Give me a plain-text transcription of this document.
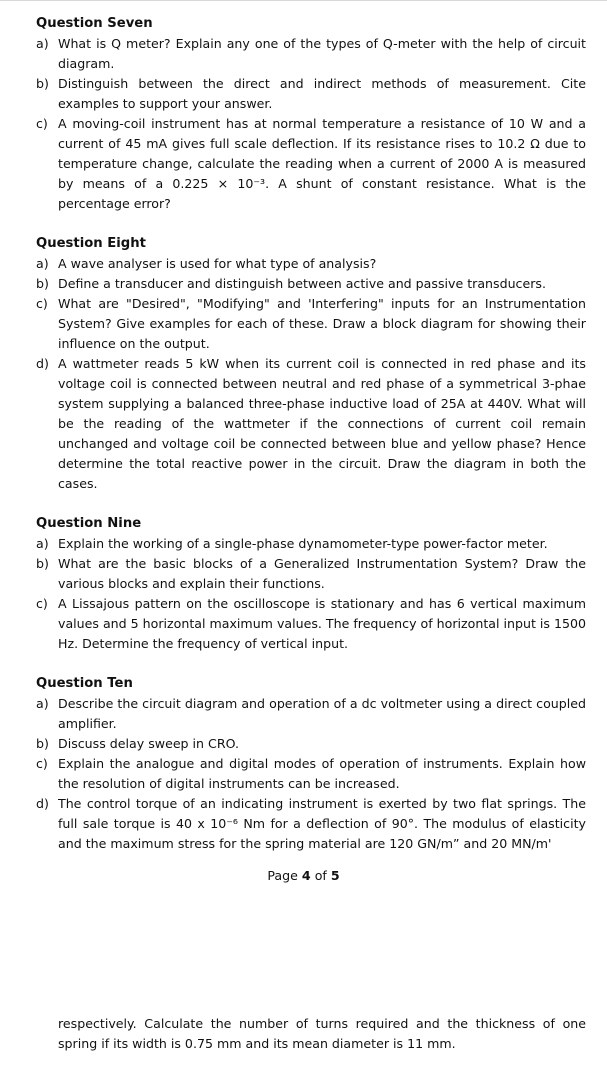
Question Seven
a) What is Q meter? Explain any one of the types of Q-meter with the help of circuit diagram.
b) Distinguish between the direct and indirect methods of measurement. Cite examples to support your answer.
c) A moving-coil instrument has at normal temperature a resistance of 10 W and a current of 45 mA gives full scale deflection. If its resistance rises to 10.2 Ω due to temperature change, calculate the reading when a current of 2000 A is measured by means of a 0.225 × 10⁻³. A shunt of constant resistance. What is the percentage error?
Question Eight
a) A wave analyser is used for what type of analysis?
b) Define a transducer and distinguish between active and passive transducers.
c) What are "Desired", "Modifying" and 'Interfering" inputs for an Instrumentation System? Give examples for each of these. Draw a block diagram for showing their influence on the output.
d) A wattmeter reads 5 kW when its current coil is connected in red phase and its voltage coil is connected between neutral and red phase of a symmetrical 3-phae system supplying a balanced three-phase inductive load of 25A at 440V. What will be the reading of the wattmeter if the connections of current coil remain unchanged and voltage coil be connected between blue and yellow phase? Hence determine the total reactive power in the circuit. Draw the diagram in both the cases.
Question Nine
a) Explain the working of a single-phase dynamometer-type power-factor meter.
b) What are the basic blocks of a Generalized Instrumentation System? Draw the various blocks and explain their functions.
c) A Lissajous pattern on the oscilloscope is stationary and has 6 vertical maximum values and 5 horizontal maximum values. The frequency of horizontal input is 1500 Hz. Determine the frequency of vertical input.
Question Ten
a) Describe the circuit diagram and operation of a dc voltmeter using a direct coupled amplifier.
b) Discuss delay sweep in CRO.
c) Explain the analogue and digital modes of operation of instruments. Explain how the resolution of digital instruments can be increased.
d) The control torque of an indicating instrument is exerted by two flat springs. The full sale torque is 40 x 10⁻⁶ Nm for a deflection of 90°. The modulus of elasticity and the maximum stress for the spring material are 120 GN/m” and 20 MN/m'
Page 4 of 5
respectively. Calculate the number of turns required and the thickness of one spring if its width is 0.75 mm and its mean diameter is 11 mm.
